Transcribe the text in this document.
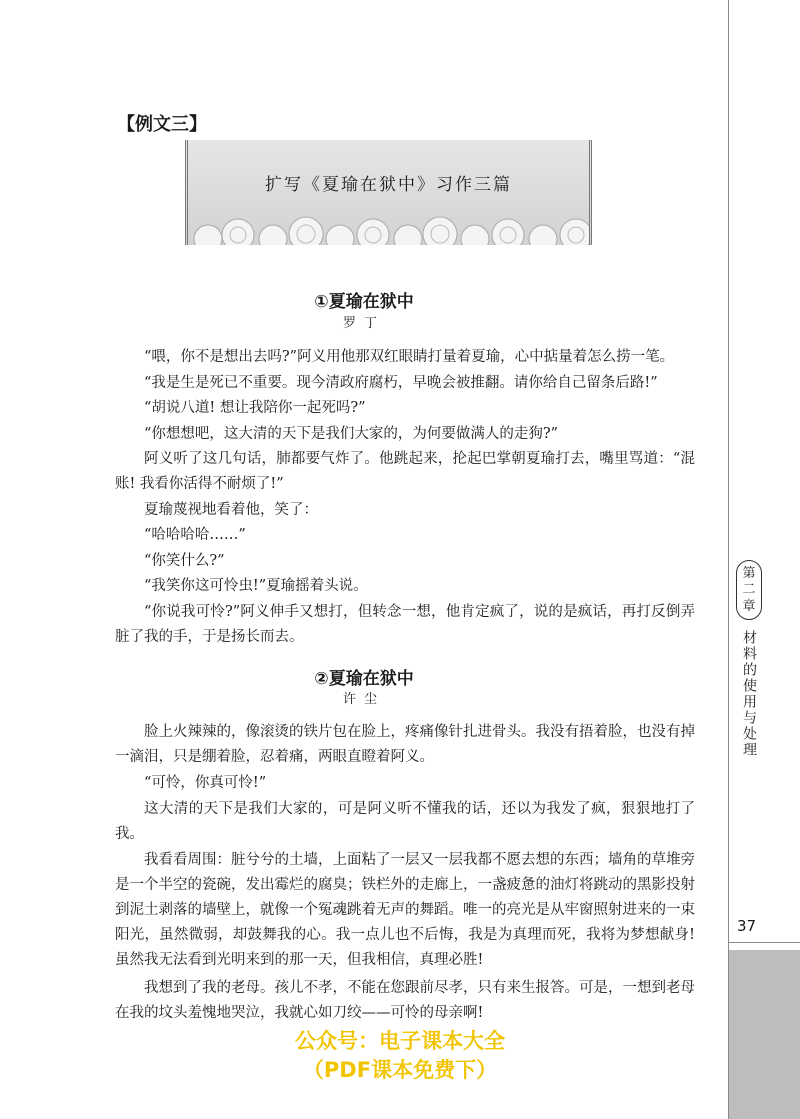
第
二
章
材料的使用与处理
37
【例文三】
扩写《夏瑜在狱中》习作三篇
①夏瑜在狱中
罗丁

“喂，你不是想出去吗?”阿义用他那双红眼睛打量着夏瑜，心中掂量着怎么捞一笔。

“我是生是死已不重要。现今清政府腐朽，早晚会被推翻。请你给自己留条后路!”

“胡说八道! 想让我陪你一起死吗?”

“你想想吧，这大清的天下是我们大家的，为何要做满人的走狗?”

阿义听了这几句话，肺都要气炸了。他跳起来，抡起巴掌朝夏瑜打去，嘴里骂道：“混账! 我看你活得不耐烦了!”

夏瑜蔑视地看着他，笑了：

“哈哈哈哈……”

“你笑什么?”

“我笑你这可怜虫!”夏瑜摇着头说。

“你说我可怜?”阿义伸手又想打，但转念一想，他肯定疯了，说的是疯话，再打反倒弄脏了我的手，于是扬长而去。

②夏瑜在狱中
许尘

脸上火辣辣的，像滚烫的铁片包在脸上，疼痛像针扎进骨头。我没有捂着脸，也没有掉一滴泪，只是绷着脸，忍着痛，两眼直瞪着阿义。

“可怜，你真可怜!”

这大清的天下是我们大家的，可是阿义听不懂我的话，还以为我发了疯，狠狠地打了我。

我看看周围：脏兮兮的土墙，上面粘了一层又一层我都不愿去想的东西；墙角的草堆旁是一个半空的瓷碗，发出霉烂的腐臭；铁栏外的走廊上，一盏疲惫的油灯将跳动的黑影投射到泥土剥落的墙壁上，就像一个冤魂跳着无声的舞蹈。唯一的亮光是从牢窗照射进来的一束阳光，虽然微弱，却鼓舞我的心。我一点儿也不后悔，我是为真理而死，我将为梦想献身! 虽然我无法看到光明来到的那一天，但我相信，真理必胜!

我想到了我的老母。孩儿不孝，不能在您跟前尽孝，只有来生报答。可是，一想到老母在我的坟头羞愧地哭泣，我就心如刀绞——可怜的母亲啊!

公众号：电子课本大全
（PDF课本免费下）
